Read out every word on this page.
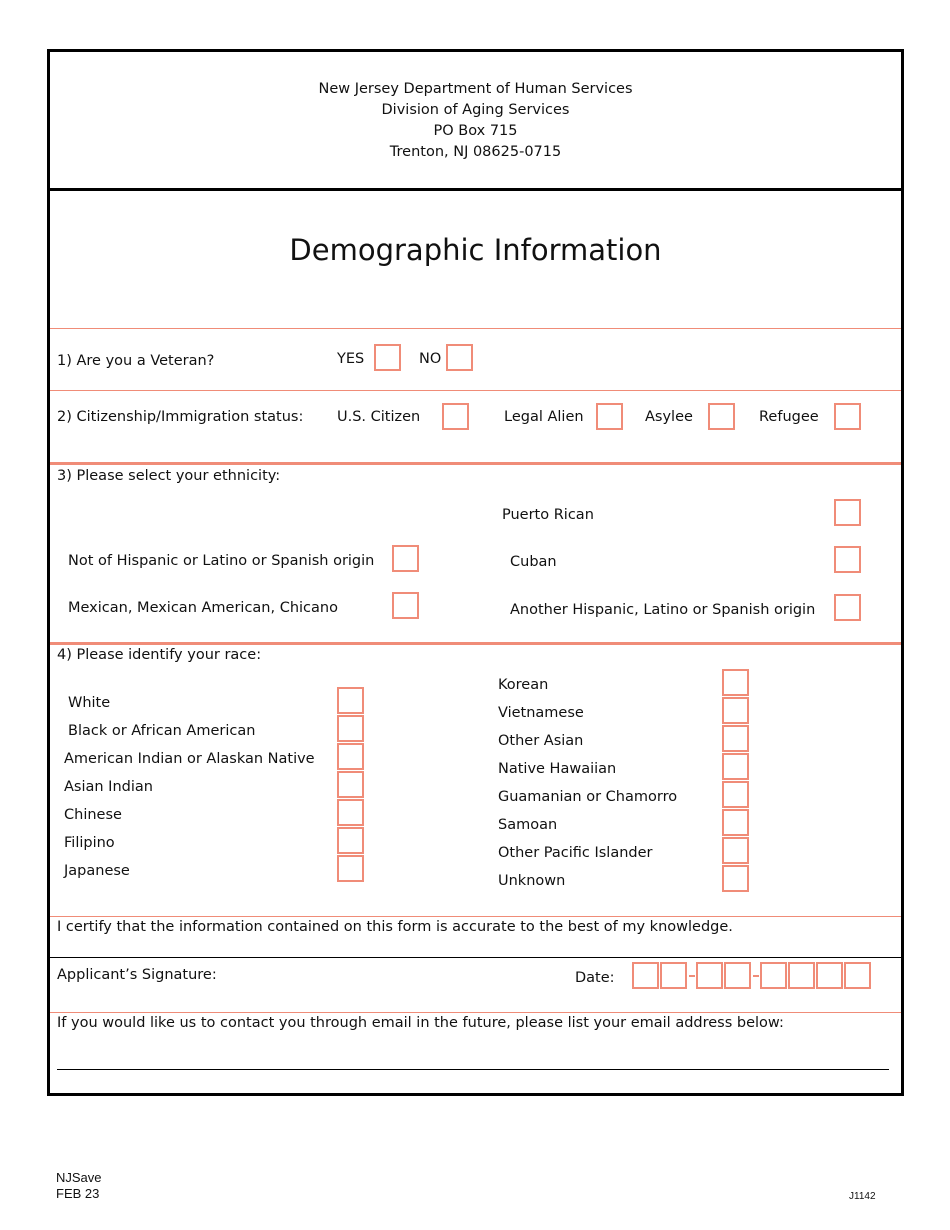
New Jersey Department of Human Services
Division of Aging Services
PO Box 715
Trenton, NJ 08625-0715
Demographic Information
1) Are you a Veteran?	YES	NO
2) Citizenship/Immigration status: U.S. Citizen	Legal Alien	Asylee	Refugee
3) Please select your ethnicity:
Puerto Rican
Not of Hispanic or Latino or Spanish origin	Cuban
Mexican, Mexican American, Chicano	Another Hispanic, Latino or Spanish origin
4) Please identify your race:
White
Black or African American
American Indian or Alaskan Native
Asian Indian
Chinese
Filipino
Japanese
Korean
Vietnamese
Other Asian
Native Hawaiian
Guamanian or Chamorro
Samoan
Other Pacific Islander
Unknown
I certify that the information contained on this form is accurate to the best of my knowledge.
Applicant’s Signature:	Date:
If you would like us to contact you through email in the future, please list your email address below:
NJSave
FEB 23	J1142
